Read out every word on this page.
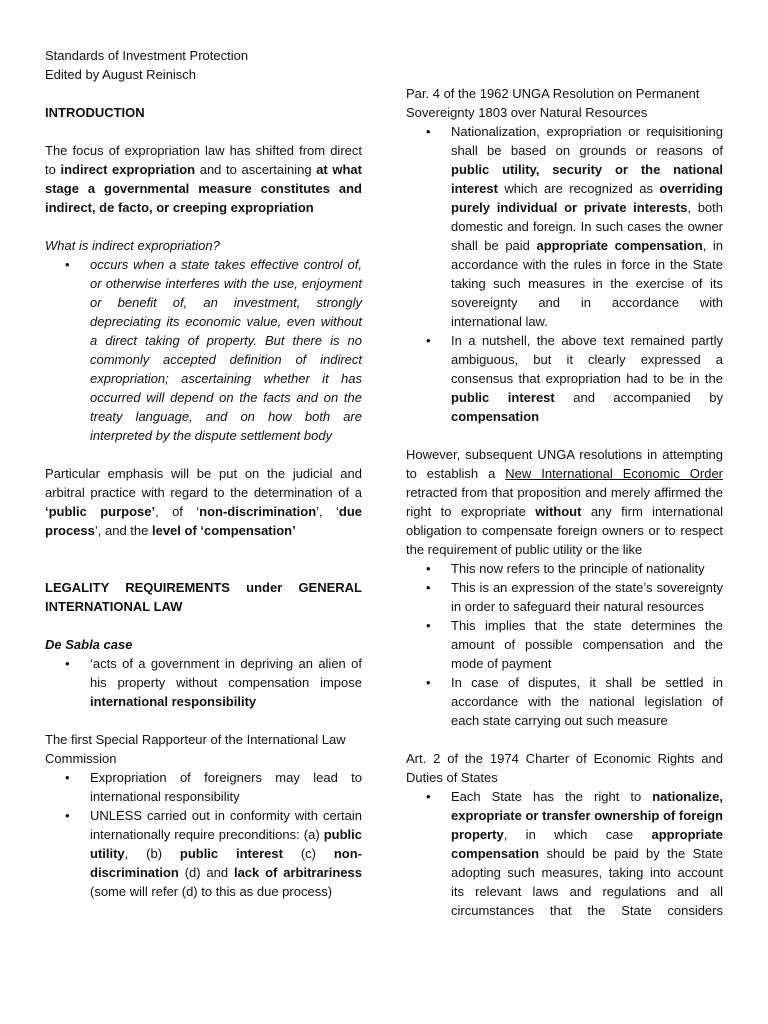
Standards of Investment Protection

Edited by August Reinisch

INTRODUCTION

The focus of expropriation law has shifted from direct to indirect expropriation and to ascertaining at what stage a governmental measure constitutes and indirect, de facto, or creeping expropriation

What is indirect expropriation?

• occurs when a state takes effective control of, or otherwise interferes with the use, enjoyment or benefit of, an investment, strongly depreciating its economic value, even without a direct taking of property. But there is no commonly accepted definition of indirect expropriation; ascertaining whether it has occurred will depend on the facts and on the treaty language, and on how both are interpreted by the dispute settlement body

Particular emphasis will be put on the judicial and arbitral practice with regard to the determination of a ‘public purpose’, of ‘non-discrimination’, ‘due process’, and the level of ‘compensation’

LEGALITY REQUIREMENTS under GENERAL INTERNATIONAL LAW

De Sabla case

• ‘acts of a government in depriving an alien of his property without compensation impose international responsibility

The first Special Rapporteur of the International Law Commission

• Expropriation of foreigners may lead to international responsibility
• UNLESS carried out in conformity with certain internationally require preconditions: (a) public utility, (b) public interest (c) non-discrimination (d) and lack of arbitrariness (some will refer (d) to this as due process)

Par. 4 of the 1962 UNGA Resolution on Permanent Sovereignty 1803 over Natural Resources

• Nationalization, expropriation or requisitioning shall be based on grounds or reasons of public utility, security or the national interest which are recognized as overriding purely individual or private interests, both domestic and foreign. In such cases the owner shall be paid appropriate compensation, in accordance with the rules in force in the State taking such measures in the exercise of its sovereignty and in accordance with international law.
• In a nutshell, the above text remained partly ambiguous, but it clearly expressed a consensus that expropriation had to be in the public interest and accompanied by compensation

However, subsequent UNGA resolutions in attempting to establish a New International Economic Order retracted from that proposition and merely affirmed the right to expropriate without any firm international obligation to compensate foreign owners or to respect the requirement of public utility or the like

• This now refers to the principle of nationality
• This is an expression of the state’s sovereignty in order to safeguard their natural resources
• This implies that the state determines the amount of possible compensation and the mode of payment
• In case of disputes, it shall be settled in accordance with the national legislation of each state carrying out such measure

Art. 2 of the 1974 Charter of Economic Rights and Duties of States

• Each State has the right to nationalize, expropriate or transfer ownership of foreign property, in which case appropriate compensation should be paid by the State adopting such measures, taking into account its relevant laws and regulations and all circumstances that the State considers
